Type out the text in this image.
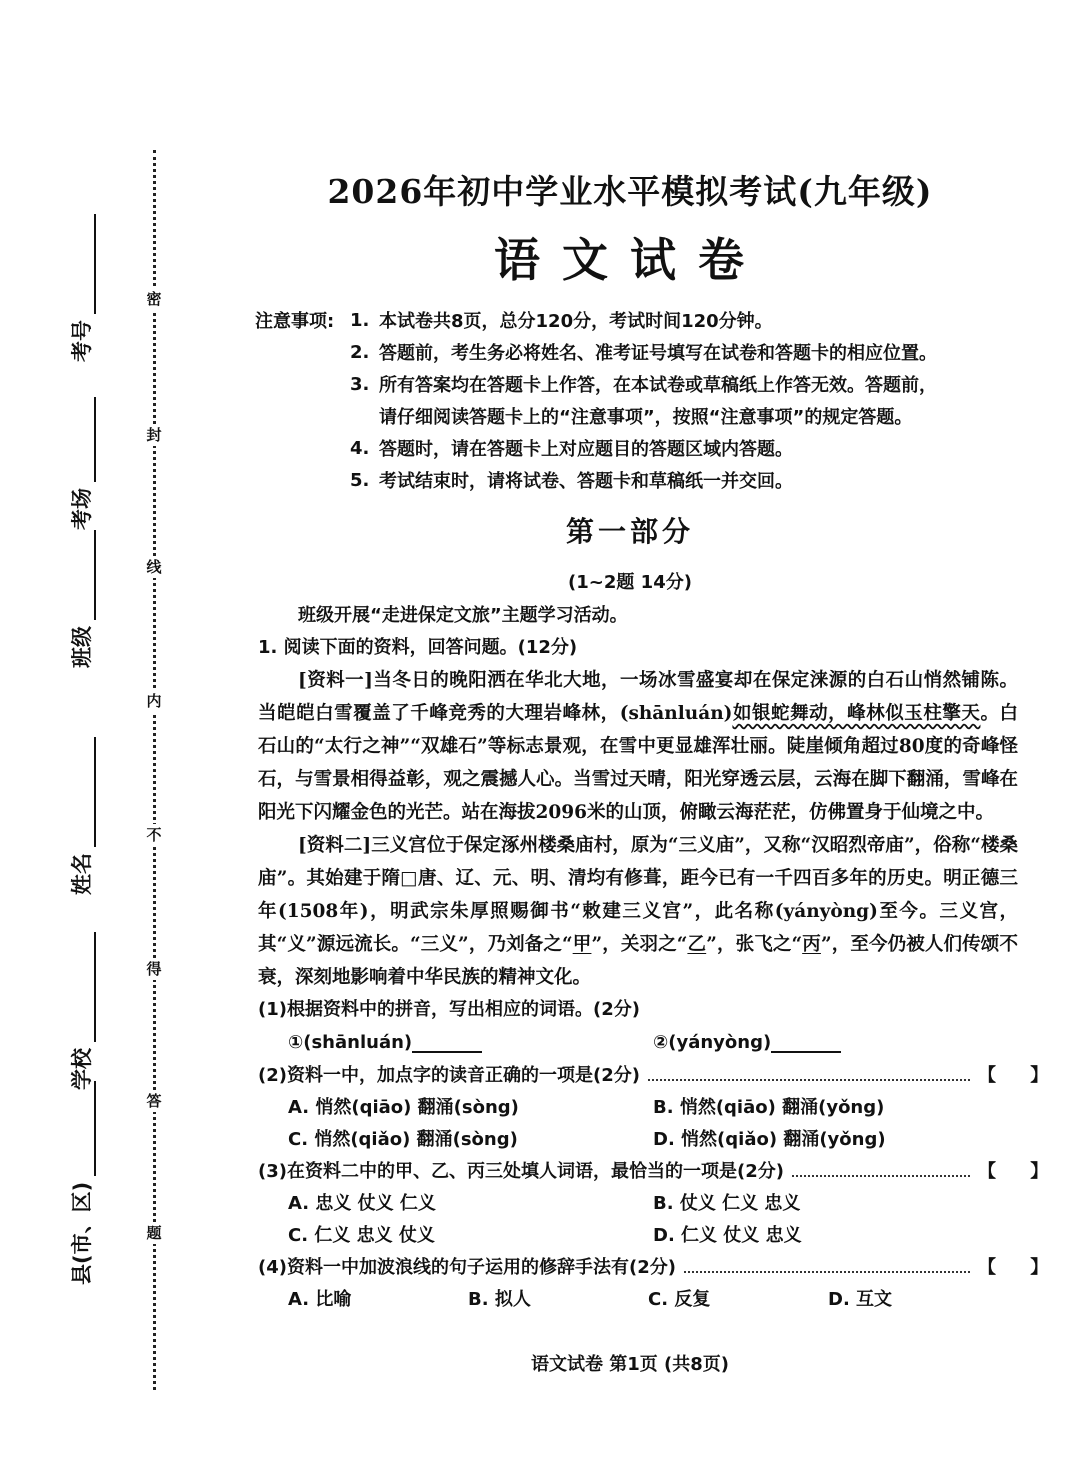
密
封
线
内
不
得
答
题
考号
考场
班级
姓名
学校
县(市、区)
2026年初中学业水平模拟考试(九年级)
语文试卷
注意事项: 1. 本试卷共8页，总分120分，考试时间120分钟。
2. 答题前，考生务必将姓名、准考证号填写在试卷和答题卡的相应位置。
3. 所有答案均在答题卡上作答，在本试卷或草稿纸上作答无效。答题前，
请仔细阅读答题卡上的“注意事项”，按照“注意事项”的规定答题。
4. 答题时，请在答题卡上对应题目的答题区域内答题。
5. 考试结束时，请将试卷、答题卡和草稿纸一并交回。
第一部分
(1~2题 14分)

班级开展“走进保定文旅”主题学习活动。

1. 阅读下面的资料，回答问题。(12分)

[资料一]当冬日的晚阳洒在华北大地，一场冰雪盛宴却在保定涞源的白石山悄然铺陈。当皑皑白雪覆盖了千峰竞秀的大理岩峰林，(shānluán)如银蛇舞动，峰林似玉柱擎天。白石山的“太行之神”“双雄石”等标志景观，在雪中更显雄浑壮丽。陡崖倾角超过80度的奇峰怪石，与雪景相得益彰，观之震撼人心。当雪过天晴，阳光穿透云层，云海在脚下翻涌，雪峰在阳光下闪耀金色的光芒。站在海拔2096米的山顶，俯瞰云海茫茫，仿佛置身于仙境之中。

[资料二]三义宫位于保定涿州楼桑庙村，原为“三义庙”，又称“汉昭烈帝庙”，俗称“楼桑庙”。其始建于隋□唐、辽、元、明、清均有修葺，距今已有一千四百多年的历史。明正德三年(1508年)，明武宗朱厚照赐御书“敕建三义宫”，此名称(yányòng)至今。三义宫，其“义”源远流长。“三义”，乃刘备之“甲”，关羽之“乙”，张飞之“丙”，至今仍被人们传颂不衰，深刻地影响着中华民族的精神文化。

(1)根据资料中的拼音，写出相应的词语。(2分)

①(shānluán)	②(yányòng)
(2)资料一中，加点字的读音正确的一项是(2分)	【 】
A. 悄然(qiāo) 翻涌(sòng)	B. 悄然(qiāo) 翻涌(yǒng)
C. 悄然(qiǎo) 翻涌(sòng)	D. 悄然(qiǎo) 翻涌(yǒng)
(3)在资料二中的甲、乙、丙三处填人词语，最恰当的一项是(2分)	【 】
A. 忠义 仗义 仁义	B. 仗义 仁义 忠义
C. 仁义 忠义 仗义	D. 仁义 仗义 忠义
(4)资料一中加波浪线的句子运用的修辞手法有(2分)	【 】
A. 比喻	B. 拟人	C. 反复	D. 互文
语文试卷 第1页 (共8页)
